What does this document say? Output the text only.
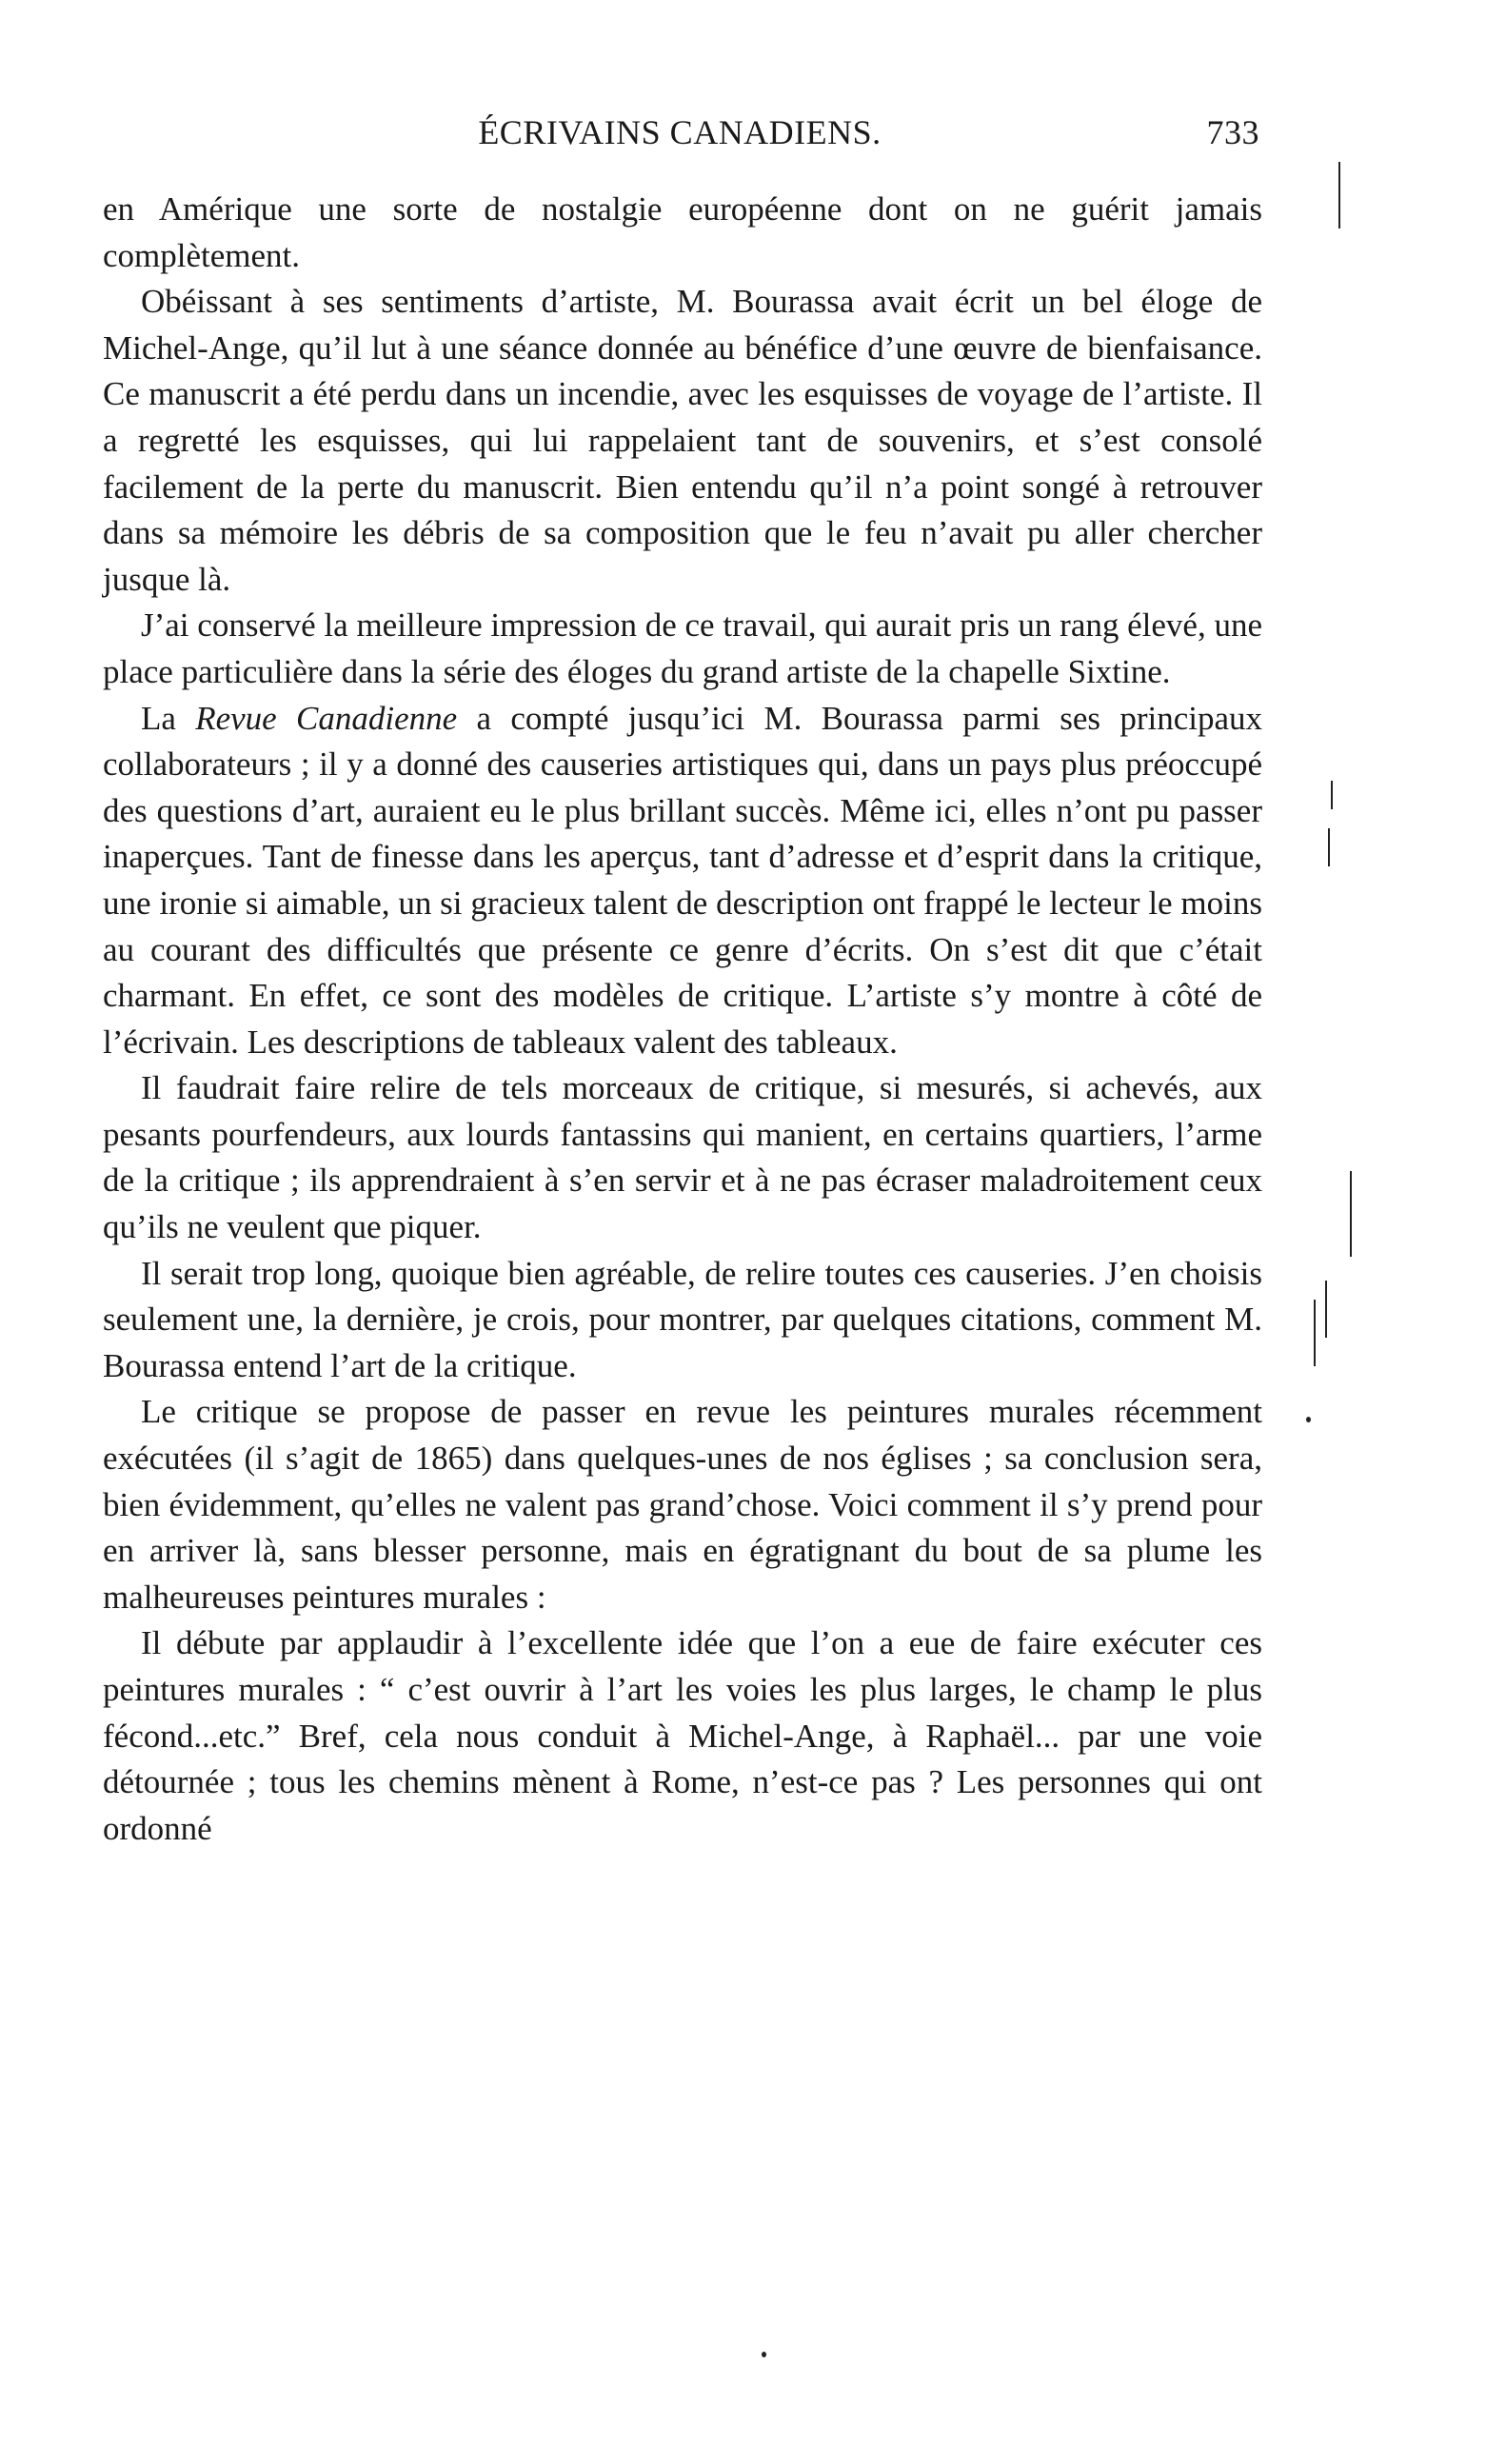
ÉCRIVAINS CANADIENS.	733

en Amérique une sorte de nostalgie européenne dont on ne guérit jamais complètement.

Obéissant à ses sentiments d’artiste, M. Bourassa avait écrit un bel éloge de Michel-Ange, qu’il lut à une séance donnée au bénéfice d’une œuvre de bienfaisance. Ce manuscrit a été perdu dans un incendie, avec les esquisses de voyage de l’artiste. Il a regretté les esquisses, qui lui rappelaient tant de souvenirs, et s’est consolé facilement de la perte du manuscrit. Bien entendu qu’il n’a point songé à retrouver dans sa mémoire les débris de sa composition que le feu n’avait pu aller chercher jusque là.

J’ai conservé la meilleure impression de ce travail, qui aurait pris un rang élevé, une place particulière dans la série des éloges du grand artiste de la chapelle Sixtine.

La Revue Canadienne a compté jusqu’ici M. Bourassa parmi ses principaux collaborateurs ; il y a donné des causeries artistiques qui, dans un pays plus préoccupé des questions d’art, auraient eu le plus brillant succès. Même ici, elles n’ont pu passer inaperçues. Tant de finesse dans les aperçus, tant d’adresse et d’esprit dans la critique, une ironie si aimable, un si gracieux talent de description ont frappé le lecteur le moins au courant des difficultés que présente ce genre d’écrits. On s’est dit que c’était charmant. En effet, ce sont des modèles de critique. L’artiste s’y montre à côté de l’écrivain. Les descriptions de tableaux valent des tableaux.

Il faudrait faire relire de tels morceaux de critique, si mesurés, si achevés, aux pesants pourfendeurs, aux lourds fantassins qui manient, en certains quartiers, l’arme de la critique ; ils apprendraient à s’en servir et à ne pas écraser maladroitement ceux qu’ils ne veulent que piquer.

Il serait trop long, quoique bien agréable, de relire toutes ces causeries. J’en choisis seulement une, la dernière, je crois, pour montrer, par quelques citations, comment M. Bourassa entend l’art de la critique.

Le critique se propose de passer en revue les peintures murales récemment exécutées (il s’agit de 1865) dans quelques-unes de nos églises ; sa conclusion sera, bien évidemment, qu’elles ne valent pas grand’chose. Voici comment il s’y prend pour en arriver là, sans blesser personne, mais en égratignant du bout de sa plume les malheureuses peintures murales :

Il débute par applaudir à l’excellente idée que l’on a eue de faire exécuter ces peintures murales : “ c’est ouvrir à l’art les voies les plus larges, le champ le plus fécond...etc.” Bref, cela nous conduit à Michel-Ange, à Raphaël... par une voie détournée ; tous les chemins mènent à Rome, n’est-ce pas ? Les personnes qui ont ordonné
